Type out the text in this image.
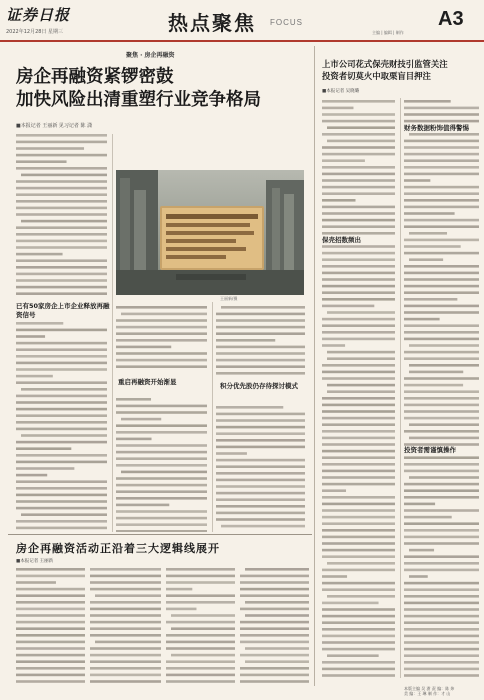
证券日报
2022年12月28日 星期三	热点聚焦 FOCUS	A3
主编 | 编辑 | 制作
聚焦 · 房企再融资
房企再融资紧锣密鼓
加快风险出清重塑行业竞争格局
■本报记者 王丽新 见习记者 陈 潇
已有50家房企上市企业释放再融资信号
王丽新/摄
重启再融资开始渐显	积分优先股仍存待探讨模式
上市公司花式保壳财技引监管关注
投资者切莫火中取栗盲目押注
■本报记者 吴晓璐
保壳招数频出
财务数据粉饰值得警惕
投资者需谨慎操作
房企再融资活动正沿着三大逻辑线展开
■本报记者 王丽新
本版主编 吴 澍 责 编：陈 炜
美 编：王 琳 制 作：才 山
